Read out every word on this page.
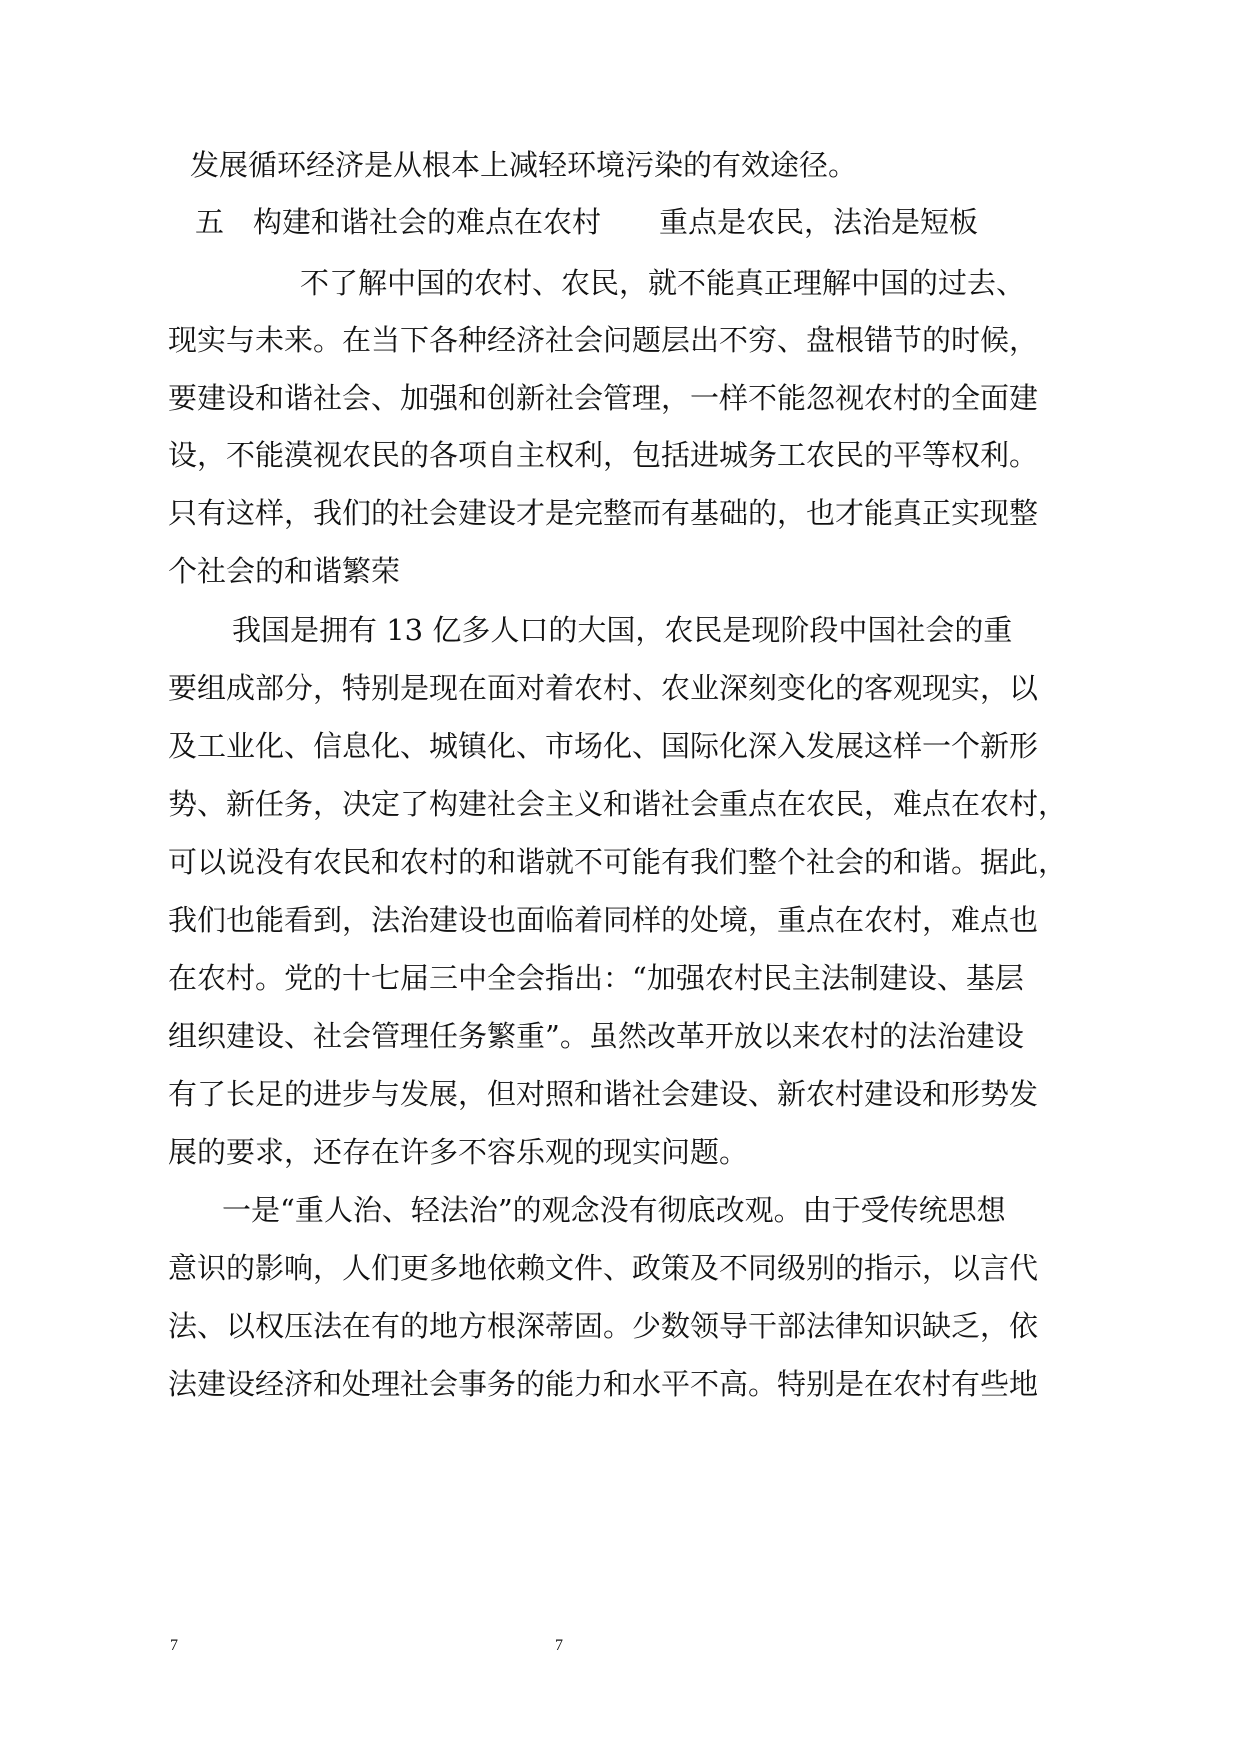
发展循环经济是从根本上减轻环境污染的有效途径。
五　构建和谐社会的难点在农村　　重点是农民，法治是短板
不了解中国的农村、农民，就不能真正理解中国的过去、
现实与未来。在当下各种经济社会问题层出不穷、盘根错节的时候，
要建设和谐社会、加强和创新社会管理，一样不能忽视农村的全面建
设，不能漠视农民的各项自主权利，包括进城务工农民的平等权利。
只有这样，我们的社会建设才是完整而有基础的，也才能真正实现整
个社会的和谐繁荣
我国是拥有 13 亿多人口的大国，农民是现阶段中国社会的重
要组成部分，特别是现在面对着农村、农业深刻变化的客观现实，以
及工业化、信息化、城镇化、市场化、国际化深入发展这样一个新形
势、新任务，决定了构建社会主义和谐社会重点在农民，难点在农村，
可以说没有农民和农村的和谐就不可能有我们整个社会的和谐。据此，
我们也能看到，法治建设也面临着同样的处境，重点在农村，难点也
在农村。党的十七届三中全会指出：“加强农村民主法制建设、基层
组织建设、社会管理任务繁重”。虽然改革开放以来农村的法治建设
有了长足的进步与发展，但对照和谐社会建设、新农村建设和形势发
展的要求，还存在许多不容乐观的现实问题。
一是“重人治、轻法治”的观念没有彻底改观。由于受传统思想
意识的影响，人们更多地依赖文件、政策及不同级别的指示，以言代
法、以权压法在有的地方根深蒂固。少数领导干部法律知识缺乏，依
法建设经济和处理社会事务的能力和水平不高。特别是在农村有些地
7	7
